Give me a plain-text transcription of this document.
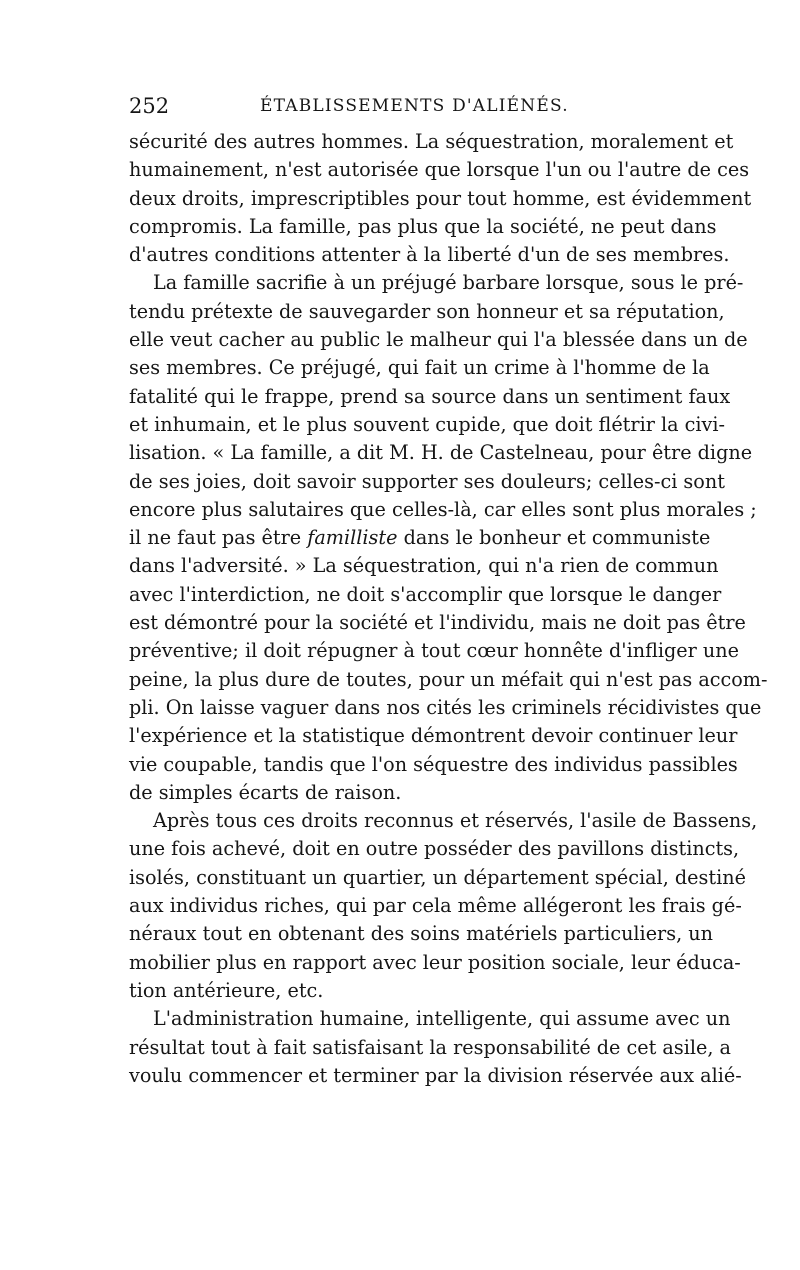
252	ÉTABLISSEMENTS D'ALIÉNÉS.
sécurité des autres hommes. La séquestration, moralement et
humainement, n'est autorisée que lorsque l'un ou l'autre de ces
deux droits, imprescriptibles pour tout homme, est évidemment
compromis. La famille, pas plus que la société, ne peut dans
d'autres conditions attenter à la liberté d'un de ses membres.
La famille sacrifie à un préjugé barbare lorsque, sous le pré-
tendu prétexte de sauvegarder son honneur et sa réputation,
elle veut cacher au public le malheur qui l'a blessée dans un de
ses membres. Ce préjugé, qui fait un crime à l'homme de la
fatalité qui le frappe, prend sa source dans un sentiment faux
et inhumain, et le plus souvent cupide, que doit flétrir la civi-
lisation. « La famille, a dit M. H. de Castelneau, pour être digne
de ses joies, doit savoir supporter ses douleurs; celles-ci sont
encore plus salutaires que celles-là, car elles sont plus morales ;
il ne faut pas être familliste dans le bonheur et communiste
dans l'adversité. » La séquestration, qui n'a rien de commun
avec l'interdiction, ne doit s'accomplir que lorsque le danger
est démontré pour la société et l'individu, mais ne doit pas être
préventive; il doit répugner à tout cœur honnête d'infliger une
peine, la plus dure de toutes, pour un méfait qui n'est pas accom-
pli. On laisse vaguer dans nos cités les criminels récidivistes que
l'expérience et la statistique démontrent devoir continuer leur
vie coupable, tandis que l'on séquestre des individus passibles
de simples écarts de raison.
Après tous ces droits reconnus et réservés, l'asile de Bassens,
une fois achevé, doit en outre posséder des pavillons distincts,
isolés, constituant un quartier, un département spécial, destiné
aux individus riches, qui par cela même allégeront les frais gé-
néraux tout en obtenant des soins matériels particuliers, un
mobilier plus en rapport avec leur position sociale, leur éduca-
tion antérieure, etc.
L'administration humaine, intelligente, qui assume avec un
résultat tout à fait satisfaisant la responsabilité de cet asile, a
voulu commencer et terminer par la division réservée aux alié-
